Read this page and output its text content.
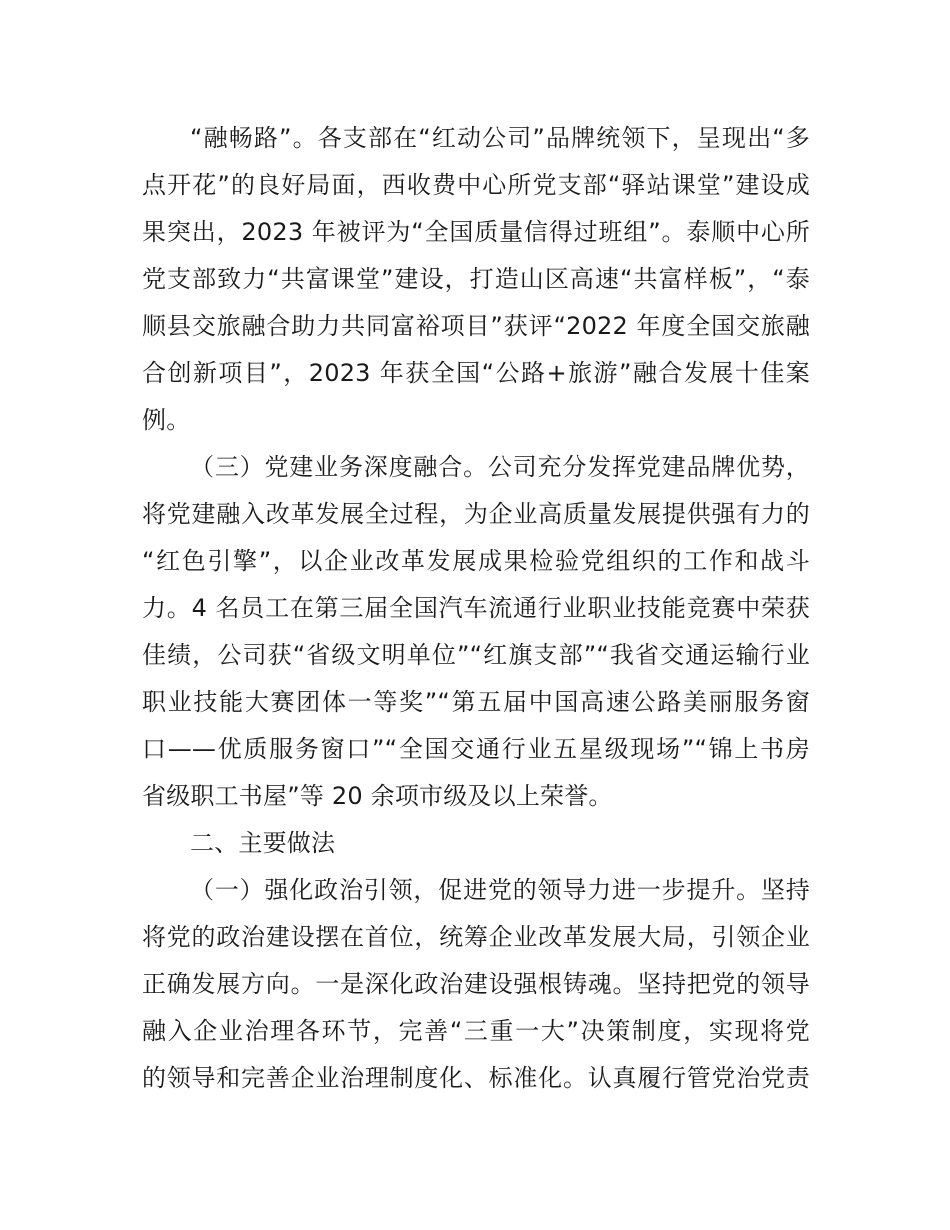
“融畅路”。各支部在“红动公司”品牌统领下，呈现出“多
点开花”的良好局面，西收费中心所党支部“驿站课堂”建设成
果突出，2023 年被评为“全国质量信得过班组”。泰顺中心所
党支部致力“共富课堂”建设，打造山区高速“共富样板”，“泰
顺县交旅融合助力共同富裕项目”获评“2022 年度全国交旅融
合创新项目”，2023 年获全国“公路+旅游”融合发展十佳案
例。
（三）党建业务深度融合。公司充分发挥党建品牌优势，
将党建融入改革发展全过程，为企业高质量发展提供强有力的
“红色引擎”，以企业改革发展成果检验党组织的工作和战斗
力。4 名员工在第三届全国汽车流通行业职业技能竞赛中荣获
佳绩，公司获“省级文明单位”“红旗支部”“我省交通运输行业
职业技能大赛团体一等奖”“第五届中国高速公路美丽服务窗
口——优质服务窗口”“全国交通行业五星级现场”“锦上书房
省级职工书屋”等 20 余项市级及以上荣誉。
二、主要做法
（一）强化政治引领，促进党的领导力进一步提升。坚持
将党的政治建设摆在首位，统筹企业改革发展大局，引领企业
正确发展方向。一是深化政治建设强根铸魂。坚持把党的领导
融入企业治理各环节，完善“三重一大”决策制度，实现将党
的领导和完善企业治理制度化、标准化。认真履行管党治党责
